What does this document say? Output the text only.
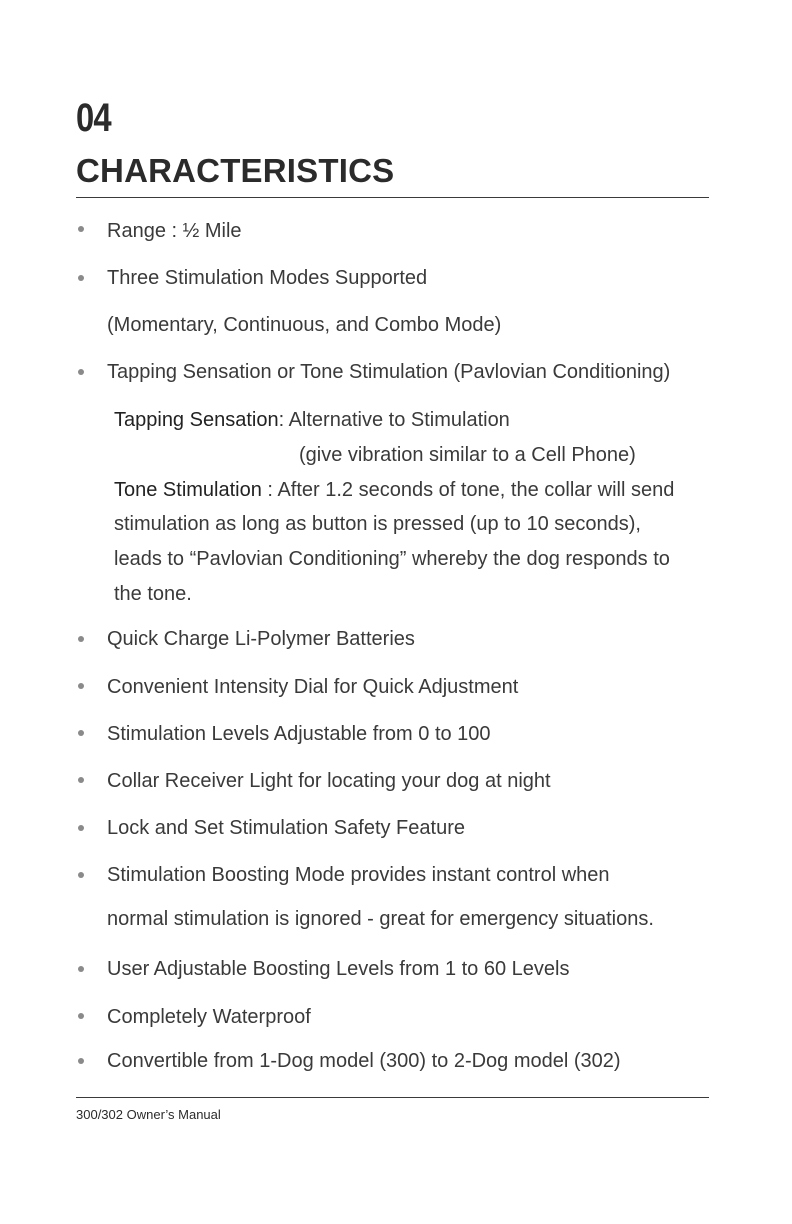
04
CHARACTERISTICS
Range : ½ Mile
Three Stimulation Modes Supported
(Momentary, Continuous, and Combo Mode)
Tapping Sensation or Tone Stimulation (Pavlovian Conditioning)
Tapping Sensation: Alternative to Stimulation
(give vibration similar to a Cell Phone)
Tone Stimulation : After 1.2 seconds of tone, the collar will send
stimulation as long as button is pressed (up to 10 seconds),
leads to “Pavlovian Conditioning” whereby the dog responds to
the tone.
Quick Charge Li-Polymer Batteries
Convenient Intensity Dial for Quick Adjustment
Stimulation Levels Adjustable from 0 to 100
Collar Receiver Light for locating your dog at night
Lock and Set Stimulation Safety Feature
Stimulation Boosting Mode provides instant control when
normal stimulation is ignored - great for emergency situations.
User Adjustable Boosting Levels from 1 to 60 Levels
Completely Waterproof
Convertible from 1-Dog model (300) to 2-Dog model (302)
300/302 Owner’s Manual
